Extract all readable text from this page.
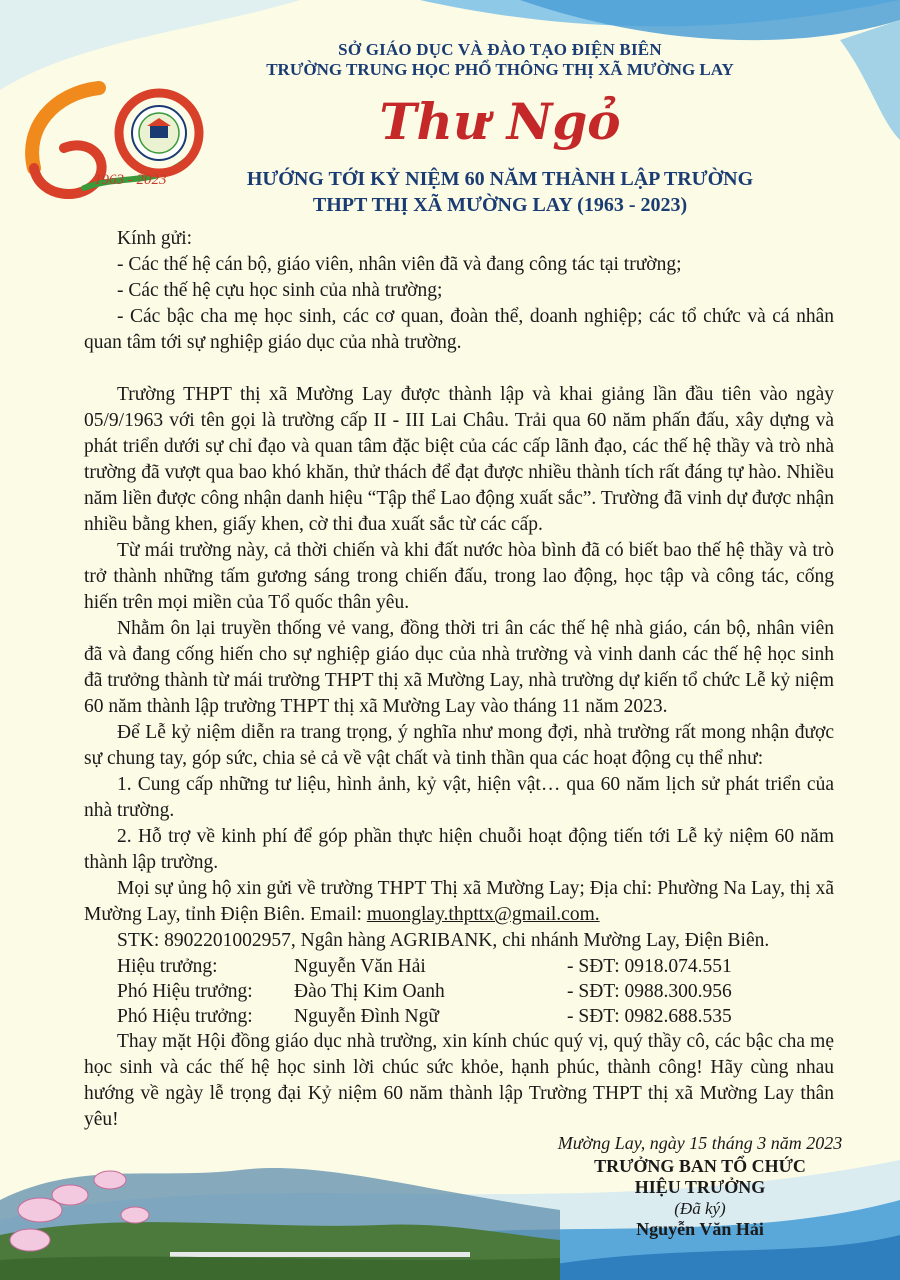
1963 - 2023
SỞ GIÁO DỤC VÀ ĐÀO TẠO ĐIỆN BIÊN
TRƯỜNG TRUNG HỌC PHỔ THÔNG THỊ XÃ MƯỜNG LAY
Thư Ngỏ
HƯỚNG TỚI KỶ NIỆM 60 NĂM THÀNH LẬP TRƯỜNG
THPT THỊ XÃ MƯỜNG LAY (1963 - 2023)

Kính gửi:

- Các thế hệ cán bộ, giáo viên, nhân viên đã và đang công tác tại trường;

- Các thế hệ cựu học sinh của nhà trường;

- Các bậc cha mẹ học sinh, các cơ quan, đoàn thể, doanh nghiệp; các tổ chức và cá nhân quan tâm tới sự nghiệp giáo dục của nhà trường.

Trường THPT thị xã Mường Lay được thành lập và khai giảng lần đầu tiên vào ngày 05/9/1963 với tên gọi là trường cấp II - III Lai Châu. Trải qua 60 năm phấn đấu, xây dựng và phát triển dưới sự chỉ đạo và quan tâm đặc biệt của các cấp lãnh đạo, các thế hệ thầy và trò nhà trường đã vượt qua bao khó khăn, thử thách để đạt được nhiều thành tích rất đáng tự hào. Nhiều năm liền được công nhận danh hiệu “Tập thể Lao động xuất sắc”. Trường đã vinh dự được nhận nhiều bằng khen, giấy khen, cờ thi đua xuất sắc từ các cấp.

Từ mái trường này, cả thời chiến và khi đất nước hòa bình đã có biết bao thế hệ thầy và trò trở thành những tấm gương sáng trong chiến đấu, trong lao động, học tập và công tác, cống hiến trên mọi miền của Tổ quốc thân yêu.

Nhằm ôn lại truyền thống vẻ vang, đồng thời tri ân các thế hệ nhà giáo, cán bộ, nhân viên đã và đang cống hiến cho sự nghiệp giáo dục của nhà trường và vinh danh các thế hệ học sinh đã trưởng thành từ mái trường THPT thị xã Mường Lay, nhà trường dự kiến tổ chức Lễ kỷ niệm 60 năm thành lập trường THPT thị xã Mường Lay vào tháng 11 năm 2023.

Để Lễ kỷ niệm diễn ra trang trọng, ý nghĩa như mong đợi, nhà trường rất mong nhận được sự chung tay, góp sức, chia sẻ cả về vật chất và tinh thần qua các hoạt động cụ thể như:

1. Cung cấp những tư liệu, hình ảnh, kỷ vật, hiện vật… qua 60 năm lịch sử phát triển của nhà trường.

2. Hỗ trợ về kinh phí để góp phần thực hiện chuỗi hoạt động tiến tới Lễ kỷ niệm 60 năm thành lập trường.

Mọi sự ủng hộ xin gửi về trường THPT Thị xã Mường Lay; Địa chỉ: Phường Na Lay, thị xã Mường Lay, tỉnh Điện Biên. Email: muonglay.thpttx@gmail.com.

STK: 8902201002957, Ngân hàng AGRIBANK, chi nhánh Mường Lay, Điện Biên.

Hiệu trưởng:	Nguyễn Văn Hải	- SĐT: 0918.074.551
Phó Hiệu trưởng:	Đào Thị Kim Oanh	- SĐT: 0988.300.956
Phó Hiệu trưởng:	Nguyễn Đình Ngữ	- SĐT: 0982.688.535

Thay mặt Hội đồng giáo dục nhà trường, xin kính chúc quý vị, quý thầy cô, các bậc cha mẹ học sinh và các thế hệ học sinh lời chúc sức khỏe, hạnh phúc, thành công! Hãy cùng nhau hướng về ngày lễ trọng đại Kỷ niệm 60 năm thành lập Trường THPT thị xã Mường Lay thân yêu!

Mường Lay, ngày 15 tháng 3 năm 2023
TRƯỞNG BAN TỔ CHỨC
HIỆU TRƯỞNG
(Đã ký)
Nguyễn Văn Hải
